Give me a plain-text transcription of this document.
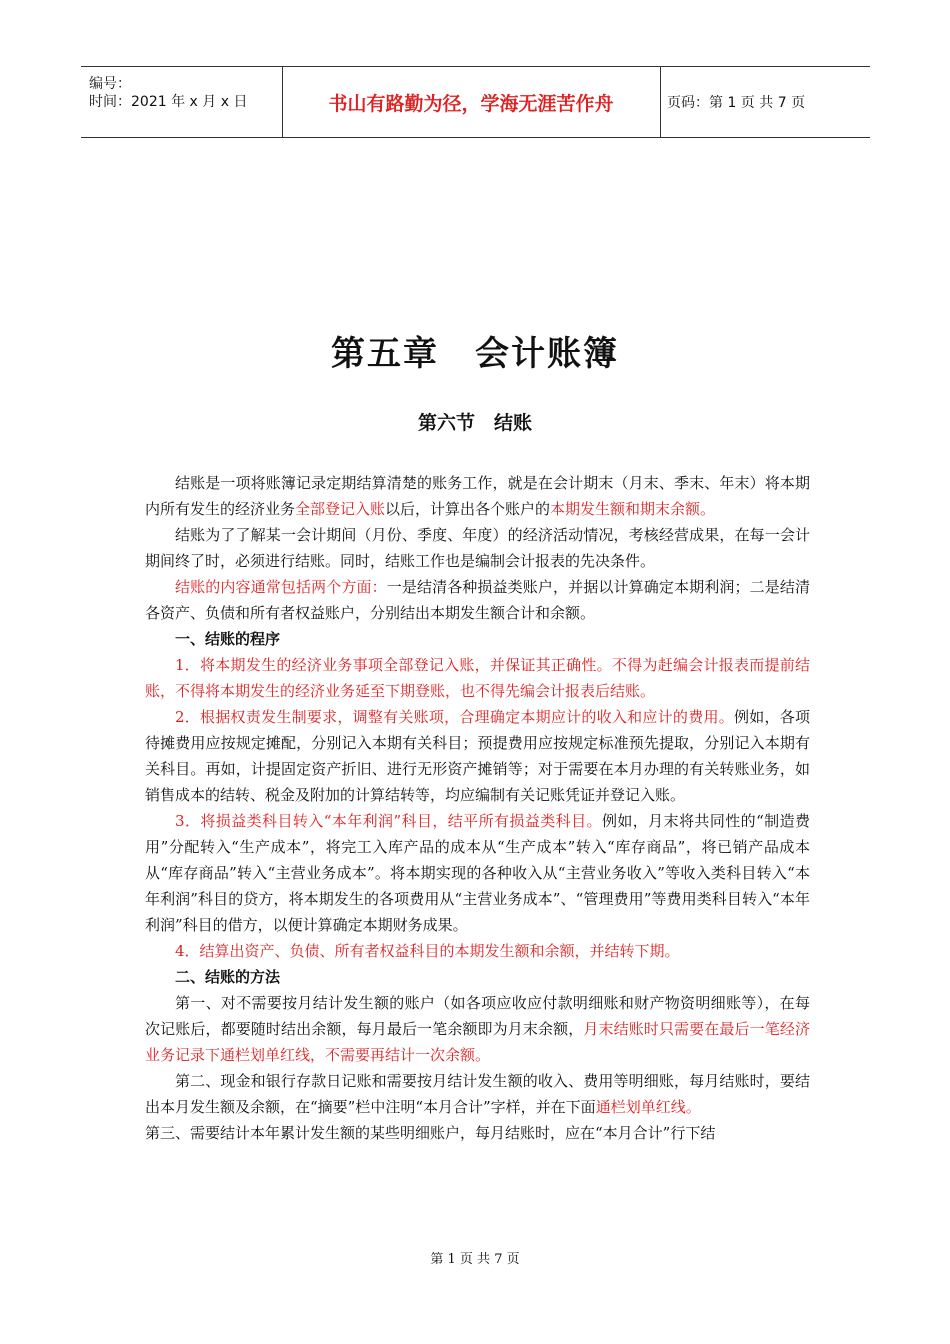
编号：
时间：2021 年 x 月 x 日	书山有路勤为径，学海无涯苦作舟	页码：第 1 页 共 7 页
第五章　会计账簿
第六节　结账

结账是一项将账簿记录定期结算清楚的账务工作，就是在会计期末（月末、季末、年末）将本期内所有发生的经济业务全部登记入账以后，计算出各个账户的本期发生额和期末余额。

结账为了了解某一会计期间（月份、季度、年度）的经济活动情况，考核经营成果，在每一会计期间终了时，必须进行结账。同时，结账工作也是编制会计报表的先决条件。

结账的内容通常包括两个方面：一是结清各种损益类账户，并据以计算确定本期利润；二是结清各资产、负债和所有者权益账户，分别结出本期发生额合计和余额。

一、结账的程序

1．将本期发生的经济业务事项全部登记入账，并保证其正确性。不得为赶编会计报表而提前结账，不得将本期发生的经济业务延至下期登账，也不得先编会计报表后结账。

2．根据权责发生制要求，调整有关账项，合理确定本期应计的收入和应计的费用。例如，各项待摊费用应按规定摊配，分别记入本期有关科目；预提费用应按规定标准预先提取，分别记入本期有关科目。再如，计提固定资产折旧、进行无形资产摊销等；对于需要在本月办理的有关转账业务，如销售成本的结转、税金及附加的计算结转等，均应编制有关记账凭证并登记入账。

3．将损益类科目转入“本年利润”科目，结平所有损益类科目。例如，月末将共同性的“制造费用”分配转入“生产成本”，将完工入库产品的成本从“生产成本”转入“库存商品”，将已销产品成本从“库存商品”转入“主营业务成本”。将本期实现的各种收入从“主营业务收入”等收入类科目转入“本年利润”科目的贷方，将本期发生的各项费用从“主营业务成本”、“管理费用”等费用类科目转入“本年利润”科目的借方，以便计算确定本期财务成果。

4．结算出资产、负债、所有者权益科目的本期发生额和余额，并结转下期。

二、结账的方法

第一、对不需要按月结计发生额的账户（如各项应收应付款明细账和财产物资明细账等），在每次记账后，都要随时结出余额，每月最后一笔余额即为月末余额，月末结账时只需要在最后一笔经济业务记录下通栏划单红线，不需要再结计一次余额。

第二、现金和银行存款日记账和需要按月结计发生额的收入、费用等明细账，每月结账时，要结出本月发生额及余额，在“摘要”栏中注明“本月合计”字样，并在下面通栏划单红线。

第三、需要结计本年累计发生额的某些明细账户，每月结账时，应在“本月合计”行下结

第 1 页 共 7 页
